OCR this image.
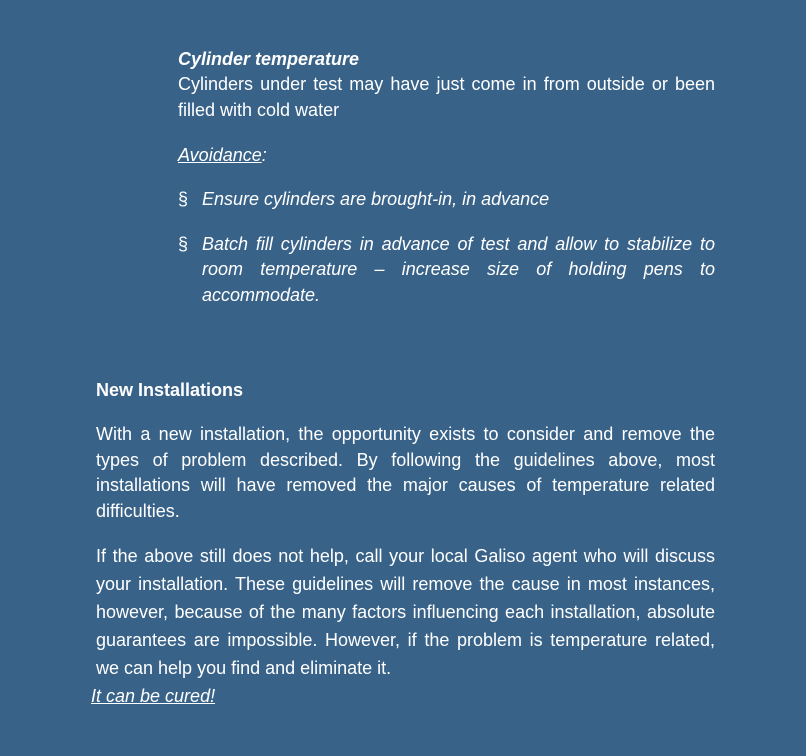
Cylinder temperature

Cylinders under test may have just come in from outside or been filled with cold water

Avoidance:

§ Ensure cylinders are brought-in, in advance
§ Batch fill cylinders in advance of test and allow to stabilize to room temperature – increase size of holding pens to accommodate.

New Installations

With a new installation, the opportunity exists to consider and remove the types of problem described. By following the guidelines above, most installations will have removed the major causes of temperature related difficulties.

If the above still does not help, call your local Galiso agent who will discuss your installation. These guidelines will remove the cause in most instances, however, because of the many factors influencing each installation, absolute guarantees are impossible. However, if the problem is temperature related, we can help you find and eliminate it.

It can be cured!
